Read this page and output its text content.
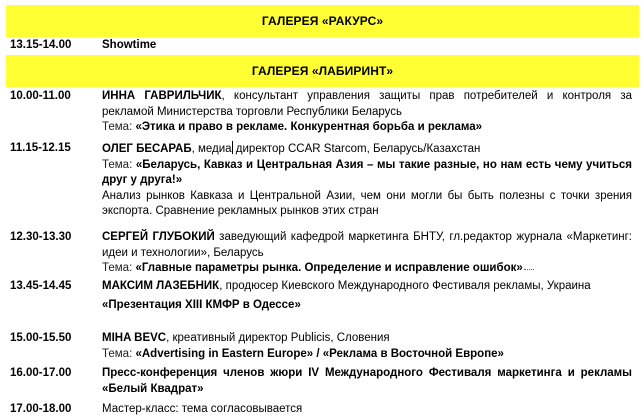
ГАЛЕРЕЯ «РАКУРС»
13.15-14.00	Showtime
ГАЛЕРЕЯ «ЛАБИРИНТ»
10.00-11.00	ИННА ГАВРИЛЬЧИК, консультант управления защиты прав потребителей и контроля за рекламой Министерства торговли Республики Беларусь

Тема: «Этика и право в рекламе. Конкурентная борьба и реклама»

11.15-12.15	ОЛЕГ БЕСАРАБ, медиа директор CCAR Starcom, Беларусь/Казахстан

Тема: «Беларусь, Кавказ и Центральная Азия – мы такие разные, но нам есть чему учиться друг у друга!»

Анализ рынков Кавказа и Центральной Азии, чем они могли бы быть полезны с точки зрения экспорта. Сравнение рекламных рынков этих стран

12.30-13.30	СЕРГЕЙ ГЛУБОКИЙ заведующий кафедрой маркетинга БНТУ, гл.редактор журнала «Маркетинг: идеи и технологии», Беларусь

Тема: «Главные параметры рынка. Определение и исправление ошибок»

13.45-14.45	МАКСИМ ЛАЗЕБНИК, продюсер Киевского Международного Фестиваля рекламы, Украина

«Презентация XIII КМФР в Одессе»

15.00-15.50	MIHA BEVC, креативный директор Publicis, Словения

Тема: «Advertising in Eastern Europe» / «Реклама в Восточной Европе»

16.00-17.00	Пресс-конференция членов жюри IV Международного Фестиваля маркетинга и рекламы «Белый Квадрат»

17.00-18.00	Мастер-класс: тема согласовывается
